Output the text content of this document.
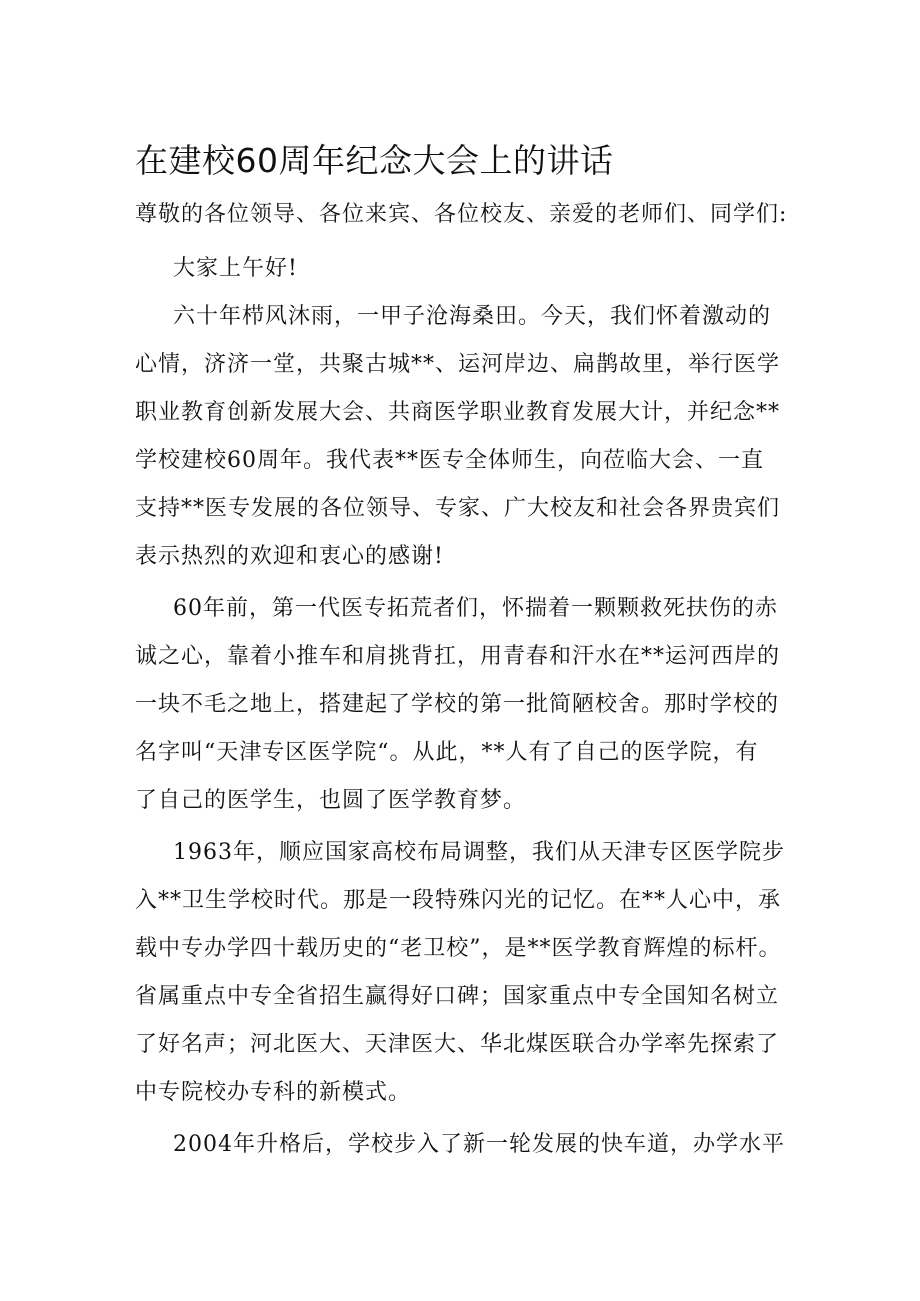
在建校60周年纪念大会上的讲话
尊敬的各位领导、各位来宾、各位校友、亲爱的老师们、同学们:
大家上午好!
六十年栉风沐雨，一甲子沧海桑田。今天，我们怀着激动的
心情，济济一堂，共聚古城**、运河岸边、扁鹊故里，举行医学
职业教育创新发展大会、共商医学职业教育发展大计，并纪念**
学校建校60周年。我代表**医专全体师生，向莅临大会、一直
支持**医专发展的各位领导、专家、广大校友和社会各界贵宾们
表示热烈的欢迎和衷心的感谢!
60年前，第一代医专拓荒者们，怀揣着一颗颗救死扶伤的赤
诚之心，靠着小推车和肩挑背扛，用青春和汗水在**运河西岸的
一块不毛之地上，搭建起了学校的第一批简陋校舍。那时学校的
名字叫“天津专区医学院“。从此，**人有了自己的医学院，有
了自己的医学生，也圆了医学教育梦。
1963年，顺应国家高校布局调整，我们从天津专区医学院步
入**卫生学校时代。那是一段特殊闪光的记忆。在**人心中，承
载中专办学四十载历史的“老卫校”，是**医学教育辉煌的标杆。
省属重点中专全省招生赢得好口碑；国家重点中专全国知名树立
了好名声；河北医大、天津医大、华北煤医联合办学率先探索了
中专院校办专科的新模式。
2004年升格后，学校步入了新一轮发展的快车道，办学水平
